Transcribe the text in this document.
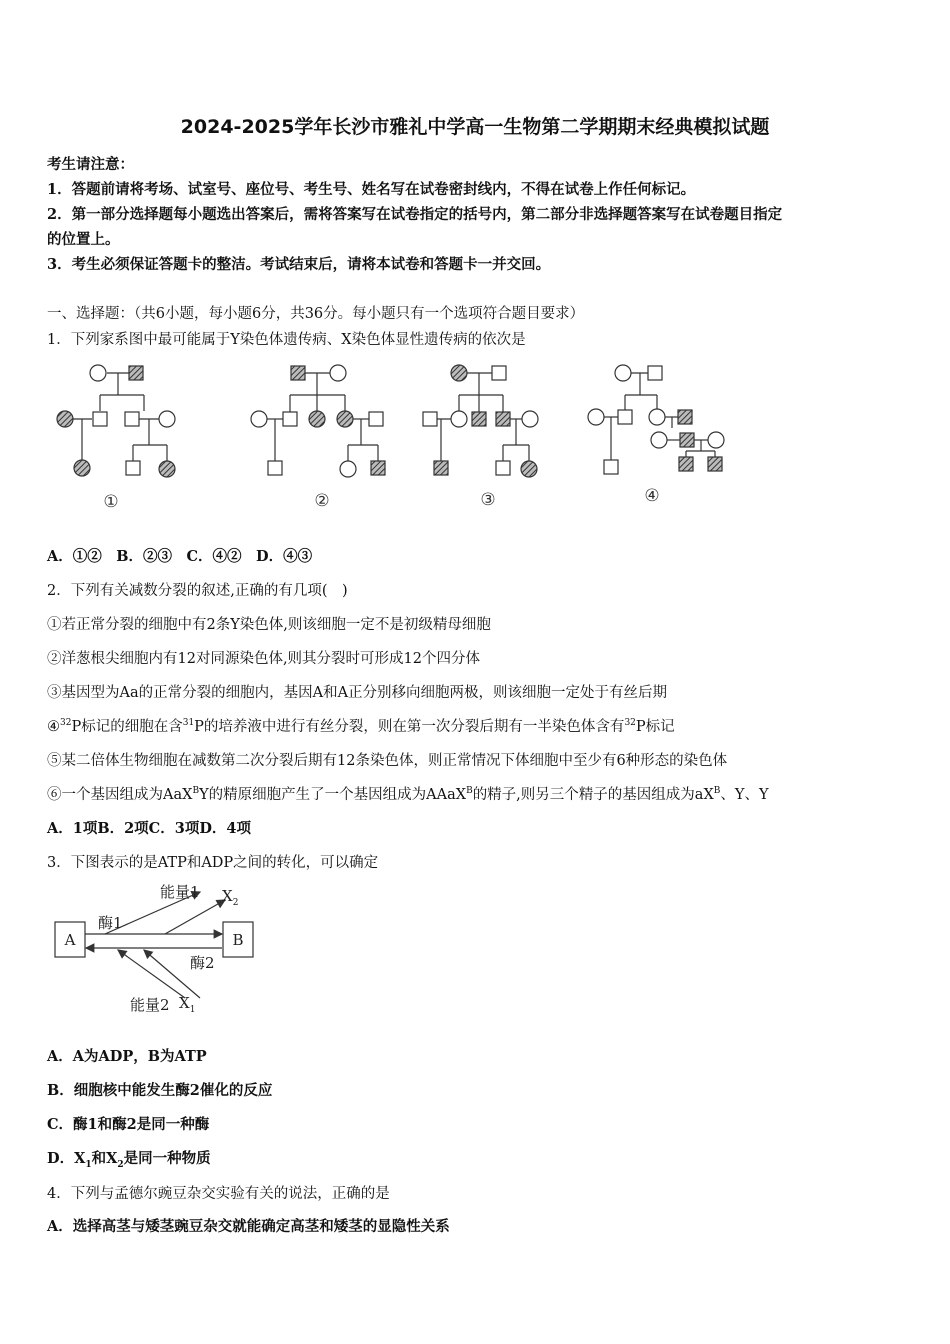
2024-2025学年长沙市雅礼中学高一生物第二学期期末经典模拟试题
考生请注意：
1．答题前请将考场、试室号、座位号、考生号、姓名写在试卷密封线内，不得在试卷上作任何标记。
2．第一部分选择题每小题选出答案后，需将答案写在试卷指定的括号内，第二部分非选择题答案写在试卷题目指定
的位置上。
3．考生必须保证答题卡的整洁。考试结束后，请将本试卷和答题卡一并交回。
一、选择题：（共6小题，每小题6分，共36分。每小题只有一个选项符合题目要求）
1．下列家系图中最可能属于Y染色体遗传病、X染色体显性遗传病的依次是
①	②	③	④
A．①②　B．②③　C．④②　D．④③
2．下列有关减数分裂的叙述,正确的有几项(　)
①若正常分裂的细胞中有2条Y染色体,则该细胞一定不是初级精母细胞
②洋葱根尖细胞内有12对同源染色体,则其分裂时可形成12个四分体
③基因型为Aa的正常分裂的细胞内，基因A和A正分别移向细胞两极，则该细胞一定处于有丝后期
④$^{32}$P标记的细胞在含$^{31}$P的培养液中进行有丝分裂，则在第一次分裂后期有一半染色体含有$^{32}$P标记
⑤某二倍体生物细胞在减数第二次分裂后期有12条染色体，则正常情况下体细胞中至少有6种形态的染色体
⑥一个基因组成为AaX$^B$Y的精原细胞产生了一个基因组成为AAaX$^B$的精子,则另三个精子的基因组成为$aX^B$、Y、Y
A．1项B．2项C．3项D．4项
3．下图表示的是ATP和ADP之间的转化，可以确定
A	B
能量1 $X_2$
酶1
酶2
能量2 $X_1$
A．A为ADP，B为ATP
B．细胞核中能发生酶2催化的反应
C．酶1和酶2是同一种酶
D．$X_1$和$X_2$是同一种物质
4．下列与孟德尔豌豆杂交实验有关的说法，正确的是
A．选择高茎与矮茎豌豆杂交就能确定高茎和矮茎的显隐性关系
